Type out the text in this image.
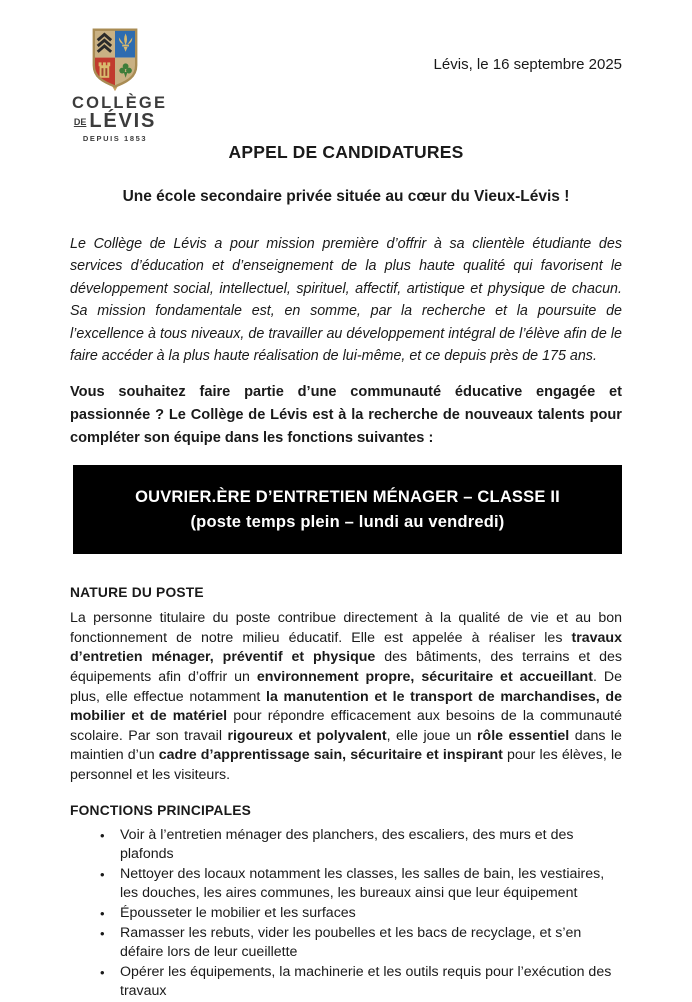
COLLÈGE
DE LÉVIS
DEPUIS 1853
Lévis, le 16 septembre 2025
APPEL DE CANDIDATURES
Une école secondaire privée située au cœur du Vieux-Lévis !

Le Collège de Lévis a pour mission première d’offrir à sa clientèle étudiante des services d’éducation et d’enseignement de la plus haute qualité qui favorisent le développement social, intellectuel, spirituel, affectif, artistique et physique de chacun. Sa mission fondamentale est, en somme, par la recherche et la poursuite de l’excellence à tous niveaux, de travailler au développement intégral de l’élève afin de le faire accéder à la plus haute réalisation de lui-même, et ce depuis près de 175 ans.

Vous souhaitez faire partie d’une communauté éducative engagée et passionnée ? Le Collège de Lévis est à la recherche de nouveaux talents pour compléter son équipe dans les fonctions suivantes :

OUVRIER.ÈRE D’ENTRETIEN MÉNAGER – CLASSE II
(poste temps plein – lundi au vendredi)
NATURE DU POSTE

La personne titulaire du poste contribue directement à la qualité de vie et au bon fonctionnement de notre milieu éducatif. Elle est appelée à réaliser les travaux d’entretien ménager, préventif et physique des bâtiments, des terrains et des équipements afin d’offrir un environnement propre, sécuritaire et accueillant. De plus, elle effectue notamment la manutention et le transport de marchandises, de mobilier et de matériel pour répondre efficacement aux besoins de la communauté scolaire. Par son travail rigoureux et polyvalent, elle joue un rôle essentiel dans le maintien d’un cadre d’apprentissage sain, sécuritaire et inspirant pour les élèves, le personnel et les visiteurs.

FONCTIONS PRINCIPALES
•	Voir à l’entretien ménager des planchers, des escaliers, des murs et des plafonds
•	Nettoyer des locaux notamment les classes, les salles de bain, les vestiaires, les douches, les aires communes, les bureaux ainsi que leur équipement
•	Épousseter le mobilier et les surfaces
•	Ramasser les rebuts, vider les poubelles et les bacs de recyclage, et s’en défaire lors de leur cueillette
•	Opérer les équipements, la machinerie et les outils requis pour l’exécution des travaux
